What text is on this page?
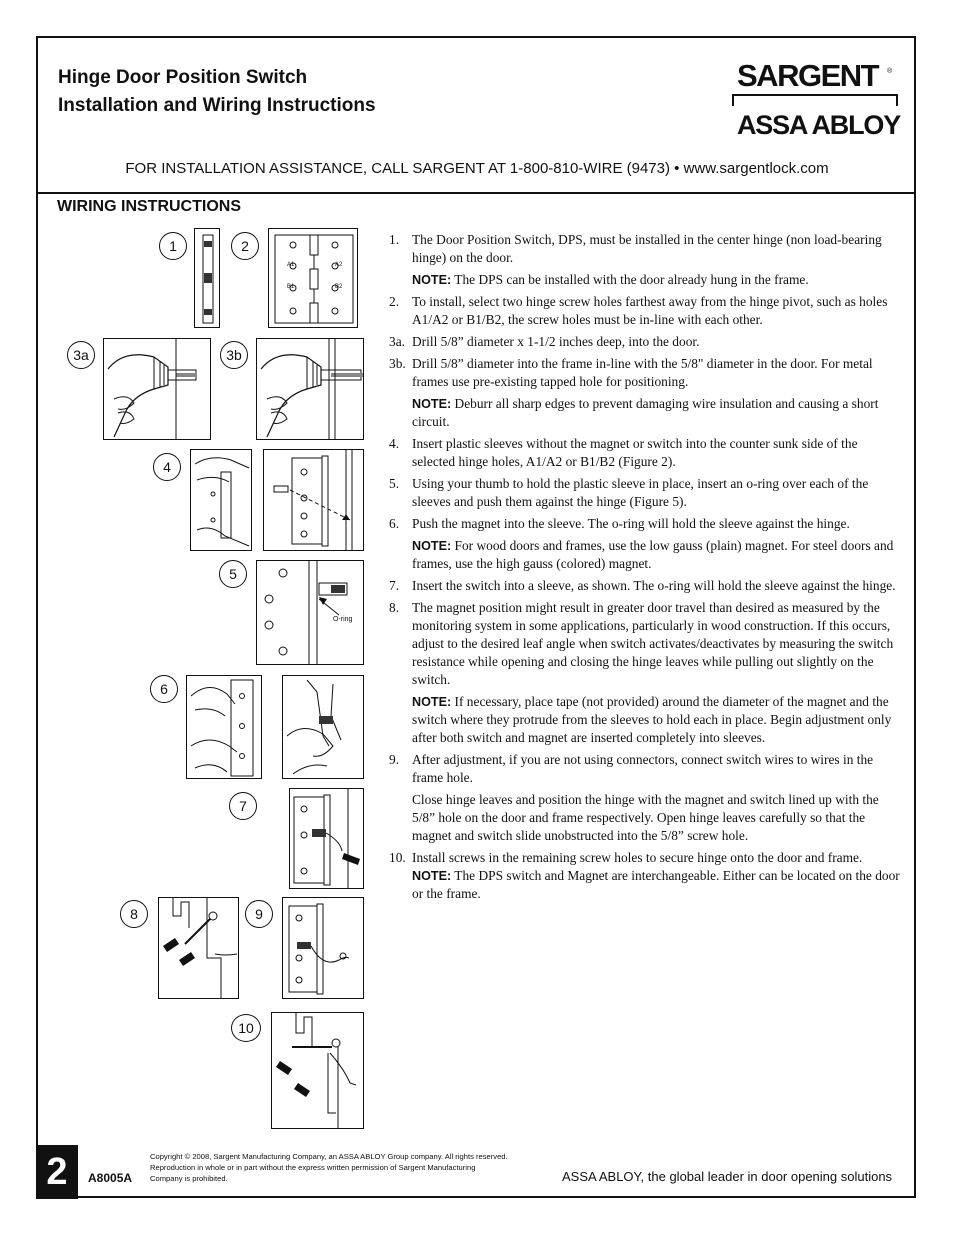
Hinge Door Position Switch
Installation and Wiring Instructions
SARGENT ®
ASSA ABLOY
FOR INSTALLATION ASSISTANCE, CALL SARGENT AT 1-800-810-WIRE (9473) • www.sargentlock.com
WIRING INSTRUCTIONS
1
A1	A2
B1	B2
2
3a	3b
4
O-ring
5
6
7
8	9
10
1. The Door Position Switch, DPS, must be installed in the center hinge (non load-bearing hinge) on the door.
NOTE: The DPS can be installed with the door already hung in the frame.
2. To install, select two hinge screw holes farthest away from the hinge pivot, such as holes A1/A2 or B1/B2, the screw holes must be in-line with each other.
3a. Drill 5/8” diameter x 1-1/2 inches deep, into the door.
3b. Drill 5/8” diameter into the frame in-line with the 5/8" diameter in the door. For metal frames use pre-existing tapped hole for positioning.
NOTE: Deburr all sharp edges to prevent damaging wire insulation and causing a short circuit.
4. Insert plastic sleeves without the magnet or switch into the counter sunk side of the selected hinge holes, A1/A2 or B1/B2 (Figure 2).
5. Using your thumb to hold the plastic sleeve in place, insert an o-ring over each of the sleeves and push them against the hinge (Figure 5).
6. Push the magnet into the sleeve. The o-ring will hold the sleeve against the hinge.
NOTE: For wood doors and frames, use the low gauss (plain) magnet. For steel doors and frames, use the high gauss (colored) magnet.
7. Insert the switch into a sleeve, as shown. The o-ring will hold the sleeve against the hinge.
8. The magnet position might result in greater door travel than desired as measured by the monitoring system in some applications, particularly in wood construction. If this occurs, adjust to the desired leaf angle when switch activates/deactivates by measuring the switch resistance while opening and closing the hinge leaves while pulling out slightly on the switch.
NOTE: If necessary, place tape (not provided) around the diameter of the magnet and the switch where they protrude from the sleeves to hold each in place. Begin adjustment only after both switch and magnet are inserted completely into sleeves.
9. After adjustment, if you are not using connectors, connect switch wires to wires in the frame hole.
Close hinge leaves and position the hinge with the magnet and switch lined up with the 5/8” hole on the door and frame respectively. Open hinge leaves carefully so that the magnet and switch slide unobstructed into the 5/8” screw hole.
10. Install screws in the remaining screw holes to secure hinge onto the door and frame.
NOTE: The DPS switch and Magnet are interchangeable. Either can be located on the door or the frame.
2	A8005A
Copyright © 2008, Sargent Manufacturing Company, an ASSA ABLOY Group company. All rights reserved. Reproduction in whole or in part without the express written permission of Sargent Manufacturing Company is prohibited.	ASSA ABLOY, the global leader in door opening solutions
